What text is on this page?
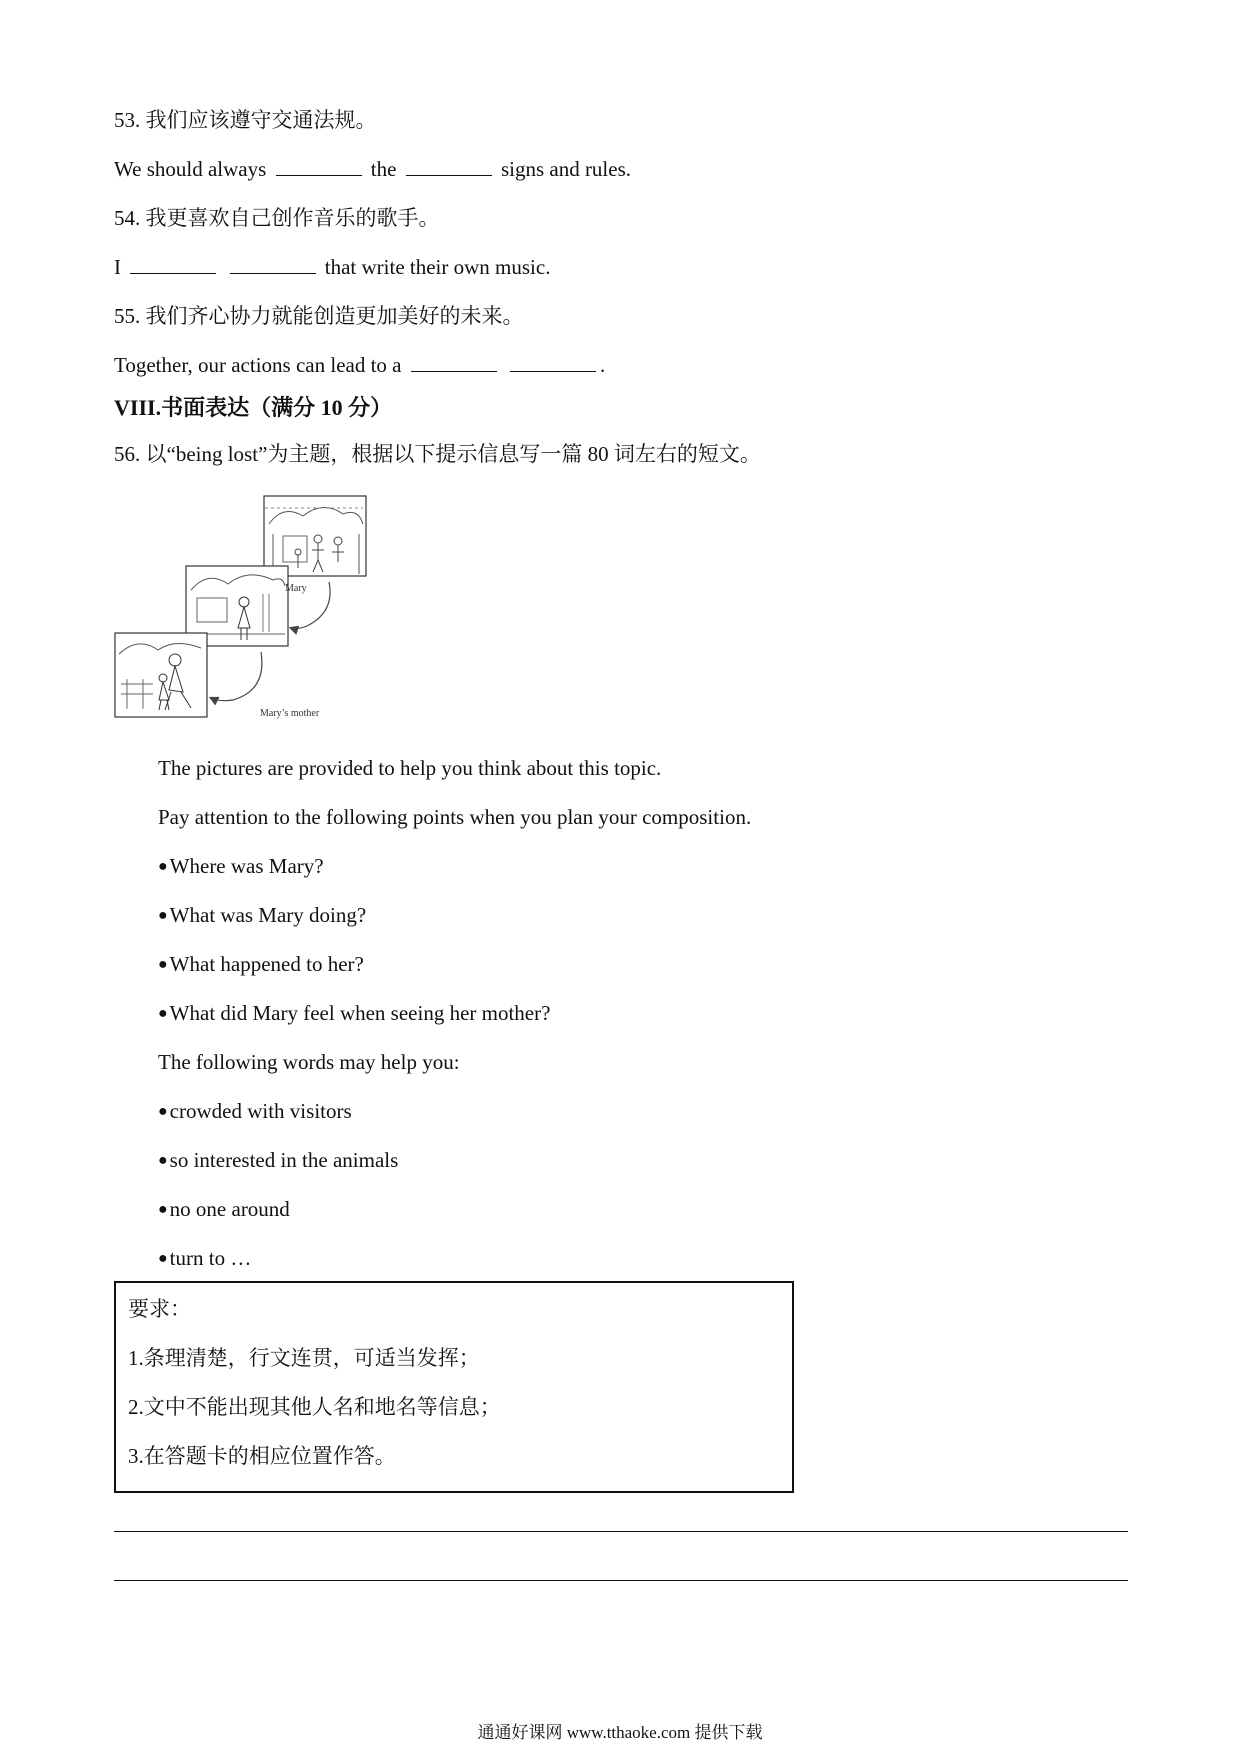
53. 我们应该遵守交通法规。
We should always	the	signs and rules.
54. 我更喜欢自己创作音乐的歌手。
I	that write their own music.
55. 我们齐心协力就能创造更加美好的未来。
Together, our actions can lead to a	.
VIII.书面表达（满分 10 分）
56. 以“being lost”为主题，根据以下提示信息写一篇 80 词左右的短文。
Mary
Mary’s mother
The pictures are provided to help you think about this topic.
Pay attention to the following points when you plan your composition.
●Where was Mary?
●What was Mary doing?
●What happened to her?
●What did Mary feel when seeing her mother?
The following words may help you:
●crowded with visitors
●so interested in the animals
●no one around
●turn to …
要求：
1.条理清楚，行文连贯，可适当发挥；
2.文中不能出现其他人名和地名等信息；
3.在答题卡的相应位置作答。
通通好课网 www.tthaoke.com 提供下载
